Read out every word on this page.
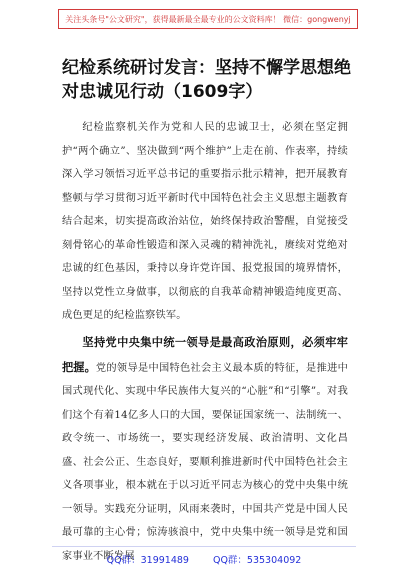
关注头条号"公文研究"，获得最新最全最专业的公文资料库！ 微信：gongwenyj
纪检系统研讨发言：坚持不懈学思想绝对忠诚见行动（1609字）

纪检监察机关作为党和人民的忠诚卫士，必须在坚定拥护“两个确立”、坚决做到“两个维护”上走在前、作表率，持续深入学习领悟习近平总书记的重要指示批示精神，把开展教育整顿与学习贯彻习近平新时代中国特色社会主义思想主题教育结合起来，切实提高政治站位，始终保持政治警醒，自觉接受刻骨铭心的革命性锻造和深入灵魂的精神洗礼，赓续对党绝对忠诚的红色基因，秉持以身许党许国、报党报国的境界情怀，坚持以党性立身做事，以彻底的自我革命精神锻造纯度更高、成色更足的纪检监察铁军。

坚持党中央集中统一领导是最高政治原则，必须牢牢把握。党的领导是中国特色社会主义最本质的特征，是推进中国式现代化、实现中华民族伟大复兴的“心脏”和“引擎”。对我们这个有着14亿多人口的大国，要保证国家统一、法制统一、政令统一、市场统一，要实现经济发展、政治清明、文化昌盛、社会公正、生态良好，要顺利推进新时代中国特色社会主义各项事业，根本就在于以习近平同志为核心的党中央集中统一领导。实践充分证明，风雨来袭时，中国共产党是中国人民最可靠的主心骨；惊涛骇浪中，党中央集中统一领导是党和国家事业不断发展

QQ群：31991489	QQ群：535304092
